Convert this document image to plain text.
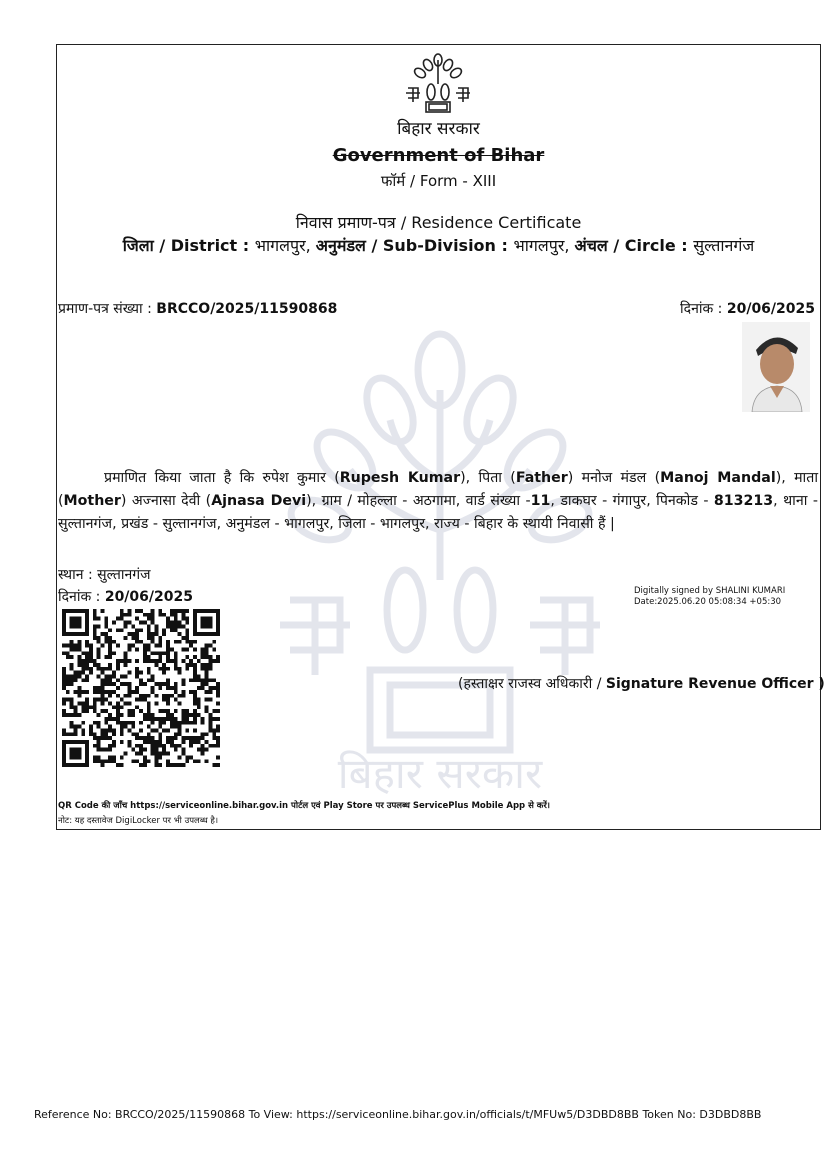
बिहार सरकार
बिहार सरकार
Government of Bihar
फॉर्म / Form - XIII
निवास प्रमाण-पत्र / Residence Certificate
जिला / District : भागलपुर, अनुमंडल / Sub-Division : भागलपुर, अंचल / Circle : सुल्तानगंज
प्रमाण-पत्र संख्या : BRCCO/2025/11590868	दिनांक : 20/06/2025
प्रमाणित किया जाता है कि रुपेश कुमार (Rupesh Kumar), पिता (Father) मनोज मंडल (Manoj Mandal), माता (Mother) अज्नासा देवी (Ajnasa Devi), ग्राम / मोहल्ला - अठगामा, वार्ड संख्या -11, डाकघर - गंगापुर, पिनकोड - 813213, थाना - सुल्तानगंज, प्रखंड - सुल्तानगंज, अनुमंडल - भागलपुर, जिला - भागलपुर, राज्य - बिहार के स्थायी निवासी हैं |
स्थान : सुल्तानगंज
दिनांक : 20/06/2025	Digitally signed by SHALINI KUMARI
Date:2025.06.20 05:08:34 +05:30
(हस्ताक्षर राजस्व अधिकारी / Signature Revenue Officer )
QR Code की जाँच https://serviceonline.bihar.gov.in पोर्टल एवं Play Store पर उपलब्ध ServicePlus Mobile App से करें।
नोट: यह दस्तावेज DigiLocker पर भी उपलब्ध है।
Reference No: BRCCO/2025/11590868 To View: https://serviceonline.bihar.gov.in/officials/t/MFUw5/D3DBD8BB Token No: D3DBD8BB
